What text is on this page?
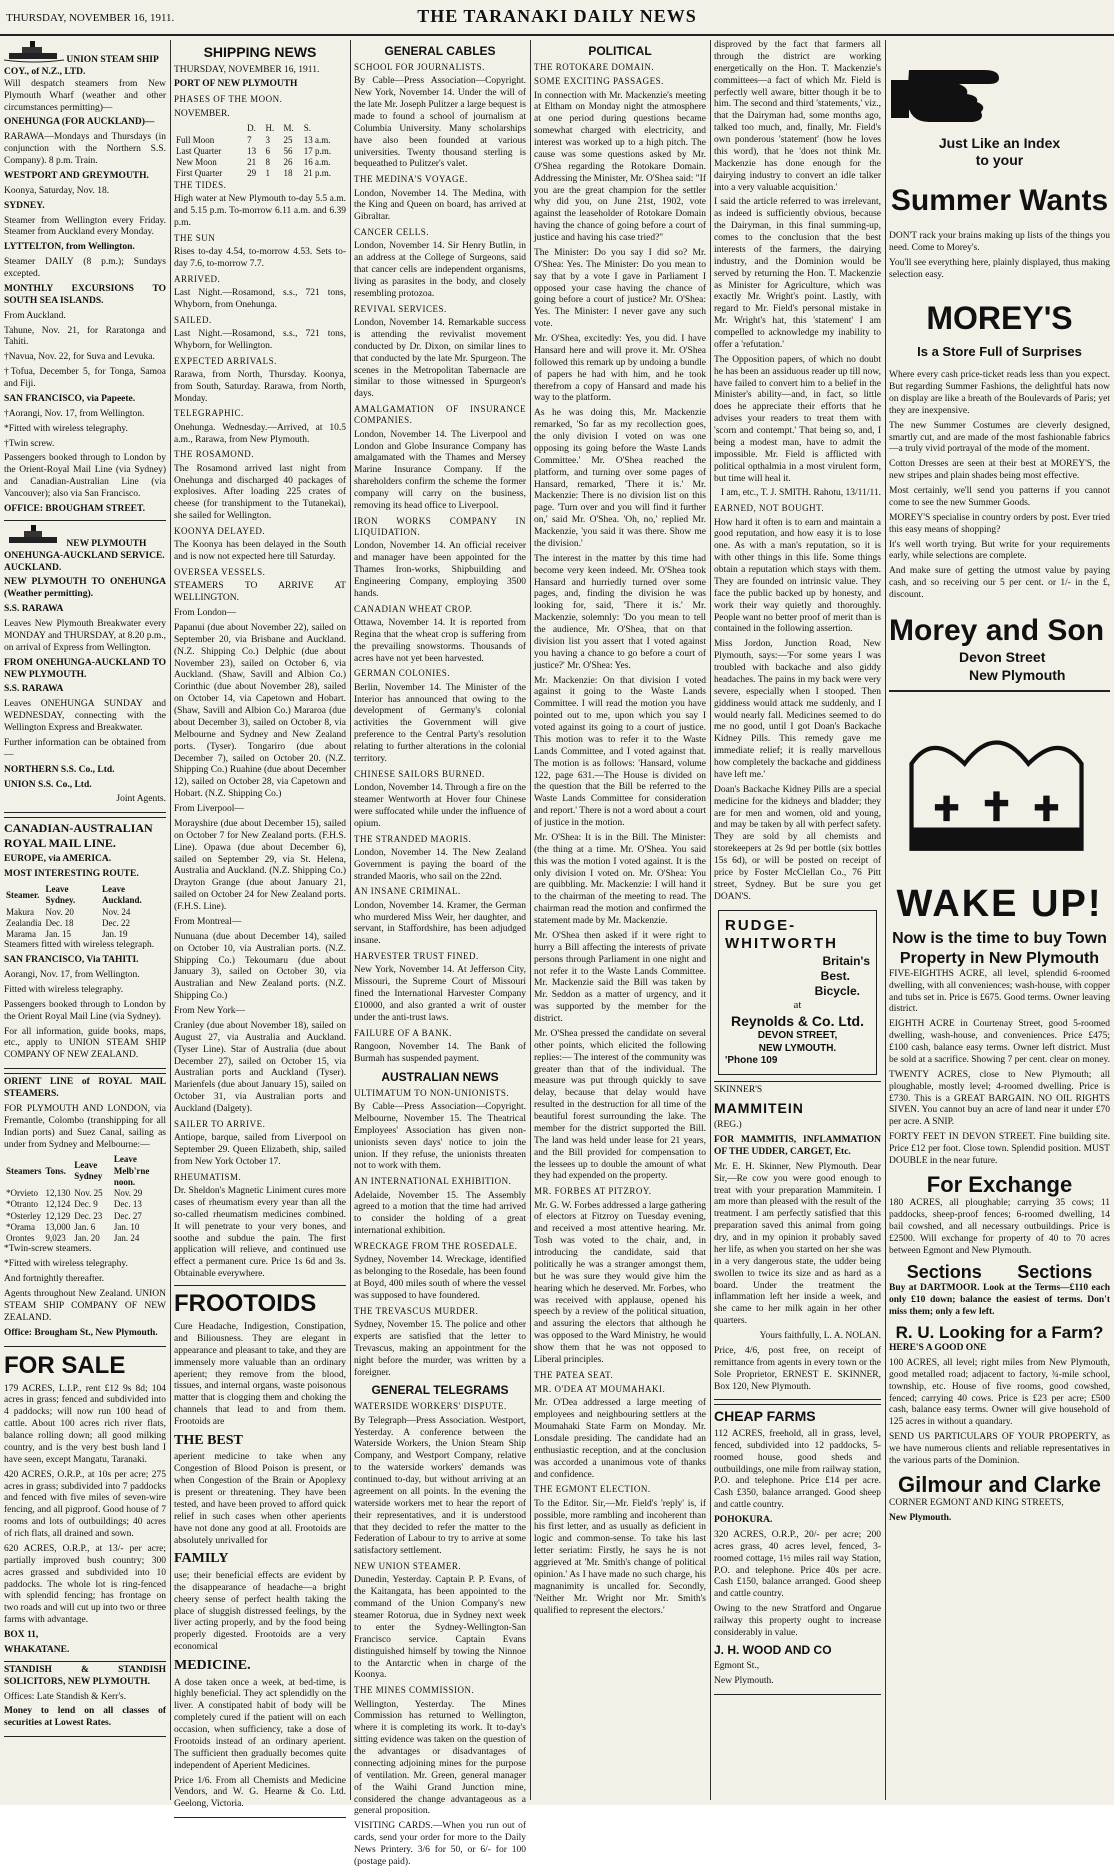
THURSDAY, NOVEMBER 16, 1911.	THE TARANAKI DAILY NEWS
UNION STEAM SHIP COY., of N.Z., LTD.

Will despatch steamers from New Plymouth Wharf (weather and other circumstances permitting)—

ONEHUNGA (FOR AUCKLAND)—

RARAWA—Mondays and Thursdays (in conjunction with the Northern S.S. Company). 8 p.m. Train.

WESTPORT AND GREYMOUTH.

Koonya, Saturday, Nov. 18.

SYDNEY.

Steamer from Wellington every Friday. Steamer from Auckland every Monday.

LYTTELTON, from Wellington.

Steamer DAILY (8 p.m.); Sundays excepted.

MONTHLY EXCURSIONS TO SOUTH SEA ISLANDS.

From Auckland.

Tahune, Nov. 21, for Raratonga and Tahiti.

†Navua, Nov. 22, for Suva and Levuka.

†Tofua, December 5, for Tonga, Samoa and Fiji.

SAN FRANCISCO, via Papeete.

†Aorangi, Nov. 17, from Wellington.

*Fitted with wireless telegraphy.

†Twin screw.

Passengers booked through to London by the Orient-Royal Mail Line (via Sydney) and Canadian-Australian Line (via Vancouver); also via San Francisco.

OFFICE: BROUGHAM STREET.

NEW PLYMOUTH ONEHUNGA-AUCKLAND SERVICE.

AUCKLAND.

NEW PLYMOUTH TO ONEHUNGA (Weather permitting).

S.S. RARAWA

Leaves New Plymouth Breakwater every MONDAY and THURSDAY, at 8.20 p.m., on arrival of Express from Wellington.

FROM ONEHUNGA-AUCKLAND TO NEW PLYMOUTH.

S.S. RARAWA

Leaves ONEHUNGA SUNDAY and WEDNESDAY, connecting with the Wellington Express and Breakwater.

Further information can be obtained from—

NORTHERN S.S. Co., Ltd.

UNION S.S. Co., Ltd.

Joint Agents.

CANADIAN-AUSTRALIAN ROYAL MAIL LINE.

EUROPE, via AMERICA.

MOST INTERESTING ROUTE.

Steamer.	Leave Sydney.	Leave Auckland.
Makura	Nov. 20	Nov. 24
Zealandia	Dec. 18	Dec. 22
Marama	Jan. 15	Jan. 19

Steamers fitted with wireless telegraph.

SAN FRANCISCO, Via TAHITI.

Aorangi, Nov. 17, from Wellington.

Fitted with wireless telegraphy.

Passengers booked through to London by the Orient Royal Mail Line (via Sydney).

For all information, guide books, maps, etc., apply to UNION STEAM SHIP COMPANY OF NEW ZEALAND.

ORIENT LINE of ROYAL MAIL STEAMERS.

FOR PLYMOUTH AND LONDON, via Fremantle, Colombo (transhipping for all Indian ports) and Suez Canal, sailing as under from Sydney and Melbourne:—

Steamers	Tons.	Leave Sydney	Leave Melb'rne noon.
*Orvieto	12,130	Nov. 25	Nov. 29
*Otranto	12,124	Dec. 9	Dec. 13
*Osterley	12,129	Dec. 23	Dec. 27
*Orama	13,000	Jan. 6	Jan. 10
Orontes	9,023	Jan. 20	Jan. 24

*Twin-screw steamers.

*Fitted with wireless telegraphy.

And fortnightly thereafter.

Agents throughout New Zealand. UNION STEAM SHIP COMPANY OF NEW ZEALAND.

Office: Brougham St., New Plymouth.

FOR SALE

179 ACRES, L.I.P., rent £12 9s 8d; 104 acres in grass; fenced and subdivided into 4 paddocks; will now run 100 head of cattle. About 100 acres rich river flats, balance rolling down; all good milking country, and is the very best bush land I have seen, except Mangatu, Taranaki.

420 ACRES, O.R.P., at 10s per acre; 275 acres in grass; subdivided into 7 paddocks and fenced with five miles of seven-wire fencing, and all pigproof. Good house of 7 rooms and lots of outbuildings; 40 acres of rich flats, all drained and sown.

620 ACRES, O.R.P., at 13/- per acre; partially improved bush country; 300 acres grassed and subdivided into 10 paddocks. The whole lot is ring-fenced with splendid fencing; has frontage on two roads and will cut up into two or three farms with advantage.

BOX 11,

WHAKATANE.

STANDISH & STANDISH SOLICITORS, NEW PLYMOUTH.

Offices: Late Standish & Kerr's.

Money to lend on all classes of securities at Lowest Rates.

SHIPPING NEWS

THURSDAY, NOVEMBER 16, 1911.

PORT OF NEW PLYMOUTH

PHASES OF THE MOON.

NOVEMBER.

	D.	H.	M.	S.
Full Moon	7	3	25	13 a.m.
Last Quarter	13	6	56	17 p.m.
New Moon	21	8	26	16 a.m.
First Quarter	29	1	18	21 p.m.

THE TIDES.

High water at New Plymouth to-day 5.5 a.m. and 5.15 p.m. To-morrow 6.11 a.m. and 6.39 p.m.

THE SUN

Rises to-day 4.54, to-morrow 4.53. Sets to-day 7.6, to-morrow 7.7.

ARRIVED.

Last Night.—Rosamond, s.s., 721 tons, Whyborn, from Onehunga.

SAILED.

Last Night.—Rosamond, s.s., 721 tons, Whyborn, for Wellington.

EXPECTED ARRIVALS.

Rarawa, from North, Thursday. Koonya, from South, Saturday. Rarawa, from North, Monday.

TELEGRAPHIC.

Onehunga. Wednesday.—Arrived, at 10.5 a.m., Rarawa, from New Plymouth.

THE ROSAMOND.

The Rosamond arrived last night from Onehunga and discharged 40 packages of explosives. After loading 225 crates of cheese (for transhipment to the Tutanekai), she sailed for Wellington.

KOONYA DELAYED.

The Koonya has been delayed in the South and is now not expected here till Saturday.

OVERSEA VESSELS.

STEAMERS TO ARRIVE AT WELLINGTON.

From London—

Papanui (due about November 22), sailed on September 20, via Brisbane and Auckland. (N.Z. Shipping Co.) Delphic (due about November 23), sailed on October 6, via Auckland. (Shaw, Savill and Albion Co.) Corinthic (due about November 28), sailed on October 14, via Capetown and Hobart. (Shaw, Savill and Albion Co.) Mararoa (due about December 3), sailed on October 8, via Melbourne and Sydney and New Zealand ports. (Tyser). Tongariro (due about December 7), sailed on October 20. (N.Z. Shipping Co.) Ruahine (due about December 12), sailed on October 28, via Capetown and Hobart. (N.Z. Shipping Co.)

From Liverpool—

Morayshire (due about December 15), sailed on October 7 for New Zealand ports. (F.H.S. Line). Opawa (due about December 6), sailed on September 29, via St. Helena, Australia and Auckland. (N.Z. Shipping Co.) Drayton Grange (due about January 21, sailed on October 24 for New Zealand ports. (F.H.S. Line).

From Montreal—

Nunuana (due about December 14), sailed on October 10, via Australian ports. (N.Z. Shipping Co.) Tekoumaru (due about January 3), sailed on October 30, via Australian and New Zealand ports. (N.Z. Shipping Co.)

From New York—

Cranley (due about November 18), sailed on August 27, via Australia and Auckland. (Tyser Line). Star of Australia (due about December 27), sailed on October 15, via Australian ports and Auckland (Tyser). Marienfels (due about January 15), sailed on October 31, via Australian ports and Auckland (Dalgety).

SAILER TO ARRIVE.

Antiope, barque, sailed from Liverpool on September 29. Queen Elizabeth, ship, sailed from New York October 17.

RHEUMATISM.

Dr. Sheldon's Magnetic Liniment cures more cases of rheumatism every year than all the so-called rheumatism medicines combined. It will penetrate to your very bones, and soothe and subdue the pain. The first application will relieve, and continued use effect a permanent cure. Price 1s 6d and 3s. Obtainable everywhere.

FROOTOIDS

Cure Headache, Indigestion, Constipation, and Biliousness. They are elegant in appearance and pleasant to take, and they are immensely more valuable than an ordinary aperient; they remove from the blood, tissues, and internal organs, waste poisonous matter that is clogging them and choking the channels that lead to and from them. Frootoids are

THE BEST

aperient medicine to take when any Congestion of Blood Poison is present, or when Congestion of the Brain or Apoplexy is present or threatening. They have been tested, and have been proved to afford quick relief in such cases when other aperients have not done any good at all. Frootoids are absolutely unrivalled for

FAMILY

use; their beneficial effects are evident by the disappearance of headache—a bright cheery sense of perfect health taking the place of sluggish distressed feelings, by the liver acting properly, and by the food being properly digested. Frootoids are a very economical

MEDICINE.

A dose taken once a week, at bed-time, is highly beneficial. They act splendidly on the liver. A constipated habit of body will be completely cured if the patient will on each occasion, when sufficiency, take a dose of Frootoids instead of an ordinary aperient. The sufficient then gradually becomes quite independent of Aperient Medicines.

Price 1/6. From all Chemists and Medicine Vendors, and W. G. Hearne & Co. Ltd. Geelong, Victoria.

GENERAL CABLES

SCHOOL FOR JOURNALISTS.

By Cable—Press Association—Copyright. New York, November 14. Under the will of the late Mr. Joseph Pulitzer a large bequest is made to found a school of journalism at Columbia University. Many scholarships have also been founded at various universities. Twenty thousand sterling is bequeathed to Pulitzer's valet.

THE MEDINA'S VOYAGE.

London, November 14. The Medina, with the King and Queen on board, has arrived at Gibraltar.

CANCER CELLS.

London, November 14. Sir Henry Butlin, in an address at the College of Surgeons, said that cancer cells are independent organisms, living as parasites in the body, and closely resembling protozoa.

REVIVAL SERVICES.

London, November 14. Remarkable success is attending the revivalist movement conducted by Dr. Dixon, on similar lines to that conducted by the late Mr. Spurgeon. The scenes in the Metropolitan Tabernacle are similar to those witnessed in Spurgeon's days.

AMALGAMATION OF INSURANCE COMPANIES.

London, November 14. The Liverpool and London and Globe Insurance Company has amalgamated with the Thames and Mersey Marine Insurance Company. If the shareholders confirm the scheme the former company will carry on the business, removing its head office to Liverpool.

IRON WORKS COMPANY IN LIQUIDATION.

London, November 14. An official receiver and manager have been appointed for the Thames Iron-works, Shipbuilding and Engineering Company, employing 3500 hands.

CANADIAN WHEAT CROP.

Ottawa, November 14. It is reported from Regina that the wheat crop is suffering from the prevailing snowstorms. Thousands of acres have not yet been harvested.

GERMAN COLONIES.

Berlin, November 14. The Minister of the Interior has announced that owing to the development of Germany's colonial activities the Government will give preference to the Central Party's resolution relating to further alterations in the colonial territory.

CHINESE SAILORS BURNED.

London, November 14. Through a fire on the steamer Wentworth at Hover four Chinese were suffocated while under the influence of opium.

THE STRANDED MAORIS.

London, November 14. The New Zealand Government is paying the board of the stranded Maoris, who sail on the 22nd.

AN INSANE CRIMINAL.

London, November 14. Kramer, the German who murdered Miss Weir, her daughter, and servant, in Staffordshire, has been adjudged insane.

HARVESTER TRUST FINED.

New York, November 14. At Jefferson City, Missouri, the Supreme Court of Missouri fined the International Harvester Company £10000, and also granted a writ of ouster under the anti-trust laws.

FAILURE OF A BANK.

Rangoon, November 14. The Bank of Burmah has suspended payment.

AUSTRALIAN NEWS

ULTIMATUM TO NON-UNIONISTS.

By Cable—Press Association—Copyright. Melbourne, November 15. The Theatrical Employees' Association has given non-unionists seven days' notice to join the union. If they refuse, the unionists threaten not to work with them.

AN INTERNATIONAL EXHIBITION.

Adelaide, November 15. The Assembly agreed to a motion that the time had arrived to consider the holding of a great international exhibition.

WRECKAGE FROM THE ROSEDALE.

Sydney, November 14. Wreckage, identified as belonging to the Rosedale, has been found at Boyd, 400 miles south of where the vessel was supposed to have foundered.

THE TREVASCUS MURDER.

Sydney, November 15. The police and other experts are satisfied that the letter to Trevascus, making an appointment for the night before the murder, was written by a foreigner.

GENERAL TELEGRAMS

WATERSIDE WORKERS' DISPUTE.

By Telegraph—Press Association. Westport, Yesterday. A conference between the Waterside Workers, the Union Steam Ship Company, and Westport Company, relative to the waterside workers' demands was continued to-day, but without arriving at an agreement on all points. In the evening the waterside workers met to hear the report of their representatives, and it is understood that they decided to refer the matter to the Federation of Labour to try to arrive at some satisfactory settlement.

NEW UNION STEAMER.

Dunedin, Yesterday. Captain P. P. Evans, of the Kaitangata, has been appointed to the command of the Union Company's new steamer Rotorua, due in Sydney next week to enter the Sydney-Wellington-San Francisco service. Captain Evans distinguished himself by towing the Ninnoe to the Antarctic when in charge of the Koonya.

THE MINES COMMISSION.

Wellington, Yesterday. The Mines Commission has returned to Wellington, where it is completing its work. It to-day's sitting evidence was taken on the question of the advantages or disadvantages of connecting adjoining mines for the purpose of ventilation. Mr. Green, general manager of the Waihi Grand Junction mine, considered the change advantageous as a general proposition.

VISITING CARDS.—When you run out of cards, send your order for more to the Daily News Printery. 3/6 for 50, or 6/- for 100 (postage paid).

POLITICAL

THE ROTOKARE DOMAIN.

SOME EXCITING PASSAGES.

In connection with Mr. Mackenzie's meeting at Eltham on Monday night the atmosphere at one period during questions became somewhat charged with electricity, and interest was worked up to a high pitch. The cause was some questions asked by Mr. O'Shea regarding the Rotokare Domain. Addressing the Minister, Mr. O'Shea said: "If you are the great champion for the settler why did you, on June 21st, 1902, vote against the leaseholder of Rotokare Domain having the chance of going before a court of justice and having his case tried?"

The Minister: Do you say I did so? Mr. O'Shea: Yes. The Minister: Do you mean to say that by a vote I gave in Parliament I opposed your case having the chance of going before a court of justice? Mr. O'Shea: Yes. The Minister: I never gave any such vote.

Mr. O'Shea, excitedly: Yes, you did. I have Hansard here and will prove it. Mr. O'Shea followed this remark up by undoing a bundle of papers he had with him, and he took therefrom a copy of Hansard and made his way to the platform.

As he was doing this, Mr. Mackenzie remarked, 'So far as my recollection goes, the only division I voted on was one opposing its going before the Waste Lands Committee.' Mr. O'Shea reached the platform, and turning over some pages of Hansard, remarked, 'There it is.' Mr. Mackenzie: There is no division list on this page. 'Turn over and you will find it further on,' said Mr. O'Shea. 'Oh, no,' replied Mr. Mackenzie, 'you said it was there. Show me the division.'

The interest in the matter by this time had become very keen indeed. Mr. O'Shea took Hansard and hurriedly turned over some pages, and, finding the division he was looking for, said, 'There it is.' Mr. Mackenzie, solemnly: 'Do you mean to tell the audience, Mr. O'Shea, that on that division list you assert that I voted against you having a chance to go before a court of justice?' Mr. O'Shea: Yes.

Mr. Mackenzie: On that division I voted against it going to the Waste Lands Committee. I will read the motion you have pointed out to me, upon which you say I voted against its going to a court of justice. This motion was to refer it to the Waste Lands Committee, and I voted against that. The motion is as follows: 'Hansard, volume 122, page 631.—The House is divided on the question that the Bill be referred to the Waste Lands Committee for consideration and report.' There is not a word about a court of justice in the motion.

Mr. O'Shea: It is in the Bill. The Minister: (the thing at a time. Mr. O'Shea. You said this was the motion I voted against. It is the only division I voted on. Mr. O'Shea: You are quibbling. Mr. Mackenzie: I will hand it to the chairman of the meeting to read. The chairman read the motion and confirmed the statement made by Mr. Mackenzie.

Mr. O'Shea then asked if it were right to hurry a Bill affecting the interests of private persons through Parliament in one night and not refer it to the Waste Lands Committee. Mr. Mackenzie said the Bill was taken by Mr. Seddon as a matter of urgency, and it was supported by the member for the district.

Mr. O'Shea pressed the candidate on several other points, which elicited the following replies:— The interest of the community was greater than that of the individual. The measure was put through quickly to save delay, because that delay would have resulted in the destruction for all time of the beautiful forest surrounding the lake. The member for the district supported the Bill. The land was held under lease for 21 years, and the Bill provided for compensation to the lessees up to double the amount of what they had expended on the property.

MR. FORBES AT PITZROY.

Mr. G. W. Forbes addressed a large gathering of electors at Fitzroy on Tuesday evening, and received a most attentive hearing. Mr. Tosh was voted to the chair, and, in introducing the candidate, said that politically he was a stranger amongst them, but he was sure they would give him the hearing which he deserved. Mr. Forbes, who was received with applause, opened his speech by a review of the political situation, and assuring the electors that although he was opposed to the Ward Ministry, he would show them that he was not opposed to Liberal principles.

THE PATEA SEAT.

MR. O'DEA AT MOUMAHAKI.

Mr. O'Dea addressed a large meeting of employees and neighbouring settlers at the Moumahaki State Farm on Monday. Mr. Lonsdale presiding. The candidate had an enthusiastic reception, and at the conclusion was accorded a unanimous vote of thanks and confidence.

THE EGMONT ELECTION.

To the Editor. Sir,—Mr. Field's 'reply' is, if possible, more rambling and incoherent than his first letter, and as usually as deficient in logic and common-sense. To take his last letter seriatim: Firstly, he says he is not aggrieved at 'Mr. Smith's change of political opinion.' As I have made no such charge, his magnanimity is uncalled for. Secondly, 'Neither Mr. Wright nor Mr. Smith's qualified to represent the electors.'

disproved by the fact that farmers all through the district are working energetically on the Hon. T. Mackenzie's committees—a fact of which Mr. Field is perfectly well aware, bitter though it be to him. The second and third 'statements,' viz., that the Dairyman had, some months ago, talked too much, and, finally, Mr. Field's own ponderous 'statement' (how he loves this word), that he 'does not think Mr. Mackenzie has done enough for the dairying industry to convert an idle talker into a very valuable acquisition.'

I said the article referred to was irrelevant, as indeed is sufficiently obvious, because the Dairyman, in this final summing-up, comes to the conclusion that the best interests of the farmers, the dairying industry, and the Dominion would be served by returning the Hon. T. Mackenzie as Minister for Agriculture, which was exactly Mr. Wright's point. Lastly, with regard to Mr. Field's personal mistake in Mr. Wright's hat, this 'statement' I am compelled to acknowledge my inability to offer a 'refutation.'

The Opposition papers, of which no doubt he has been an assiduous reader up till now, have failed to convert him to a belief in the Minister's ability—and, in fact, so little does he appreciate their efforts that he advises your readers to treat them with 'scorn and contempt.' That being so, and, I being a modest man, have to admit the impossible. Mr. Field is afflicted with political opthalmia in a most virulent form, but time will heal it.

I am, etc., T. J. SMITH. Rahotu, 13/11/11.

EARNED, NOT BOUGHT.

How hard it often is to earn and maintain a good reputation, and how easy it is to lose one. As with a man's reputation, so it is with other things in this life. Some things obtain a reputation which stays with them. They are founded on intrinsic value. They face the public backed up by honesty, and work their way quietly and thoroughly. People want no better proof of merit than is contained in the following assertion.

Miss Jordon, Junction Road, New Plymouth, says:—'For some years I was troubled with backache and also giddy headaches. The pains in my back were very severe, especially when I stooped. Then giddiness would attack me suddenly, and I would nearly fall. Medicines seemed to do me no good, until I got Doan's Backache Kidney Pills. This remedy gave me immediate relief; it is really marvellous how completely the backache and giddiness have left me.'

Doan's Backache Kidney Pills are a special medicine for the kidneys and bladder; they are for men and women, old and young, and may be taken by all with perfect safety. They are sold by all chemists and storekeepers at 2s 9d per bottle (six bottles 15s 6d), or will be posted on receipt of price by Foster McClellan Co., 76 Pitt street, Sydney. But be sure you get DOAN'S.

RUDGE-
WHITWORTH
Britain's
Best.
Bicycle.
at
Reynolds & Co. Ltd.
DEVON STREET,
NEW LYMOUTH.
'Phone 109

SKINNER'S

MAMMITEIN

(REG.)

FOR MAMMITIS, INFLAMMATION OF THE UDDER, CARGET, Etc.

Mr. E. H. Skinner, New Plymouth. Dear Sir,—Re cow you were good enough to treat with your preparation Mammitein. I am more than pleased with the result of the treatment. I am perfectly satisfied that this preparation saved this animal from going dry, and in my opinion it probably saved her life, as when you started on her she was in a very dangerous state, the udder being swollen to twice its size and as hard as a board. Under the treatment the inflammation left her inside a week, and she came to her milk again in her other quarters.

Yours faithfully, L. A. NOLAN.

Price, 4/6, post free, on receipt of remittance from agents in every town or the Sole Proprietor, ERNEST E. SKINNER, Box 120, New Plymouth.

CHEAP FARMS

112 ACRES, freehold, all in grass, level, fenced, subdivided into 12 paddocks, 5-roomed house, good sheds and outbuildings, one mile from railway station, P.O. and telephone. Price £14 per acre. Cash £350, balance arranged. Good sheep and cattle country.

POHOKURA.

320 ACRES, O.R.P., 20/- per acre; 200 acres grass, 40 acres level, fenced, 3-roomed cottage, 1½ miles rail way Station, P.O. and telephone. Price 40s per acre. Cash £150, balance arranged. Good sheep and cattle country.

Owing to the new Stratford and Ongarue railway this property ought to increase considerably in value.

J. H. WOOD AND CO

Egmont St.,

New Plymouth.

Just Like an Index
to your
Summer Wants

DON'T rack your brains making up lists of the things you need. Come to Morey's.

You'll see everything here, plainly displayed, thus making selection easy.

MOREY'S
Is a Store Full of Surprises

Where every cash price-ticket reads less than you expect. But regarding Summer Fashions, the delightful hats now on display are like a breath of the Boulevards of Paris; yet they are inexpensive.

The new Summer Costumes are cleverly designed, smartly cut, and are made of the most fashionable fabrics—a truly vivid portrayal of the mode of the moment.

Cotton Dresses are seen at their best at MOREY'S, the new stripes and plain shades being most effective.

Most certainly, we'll send you patterns if you cannot come to see the new Summer Goods.

MOREY'S specialise in country orders by post. Ever tried this easy means of shopping?

It's well worth trying. But write for your requirements early, while selections are complete.

And make sure of getting the utmost value by paying cash, and so receiving our 5 per cent. or 1/- in the £, discount.

Morey and Son
Devon Street
New Plymouth
WAKE UP!
Now is the time to buy Town Property in New Plymouth

FIVE-EIGHTHS ACRE, all level, splendid 6-roomed dwelling, with all conveniences; wash-house, with copper and tubs set in. Price is £675. Good terms. Owner leaving district.

EIGHTH ACRE in Courtenay Street, good 5-roomed dwelling, wash-house, and conveniences. Price £475; £100 cash, balance easy terms. Owner left district. Must be sold at a sacrifice. Showing 7 per cent. clear on money.

TWENTY ACRES, close to New Plymouth; all ploughable, mostly level; 4-roomed dwelling. Price is £730. This is a GREAT BARGAIN. NO OIL RIGHTS SIVEN. You cannot buy an acre of land near it under £70 per acre. A SNIP.

FORTY FEET IN DEVON STREET. Fine building site. Price £12 per foot. Close town. Splendid position. MUST DOUBLE in the near future.

For Exchange

180 ACRES, all ploughable; carrying 35 cows; 11 paddocks, sheep-proof fences; 6-roomed dwelling, 14 bail cowshed, and all necessary outbuildings. Price is £2500. Will exchange for property of 40 to 70 acres between Egmont and New Plymouth.

Sections Sections

Buy at DARTMOOR. Look at the Terms—£110 each only £10 down; balance the easiest of terms. Don't miss them; only a few left.

R. U. Looking for a Farm?

HERE'S A GOOD ONE

100 ACRES, all level; right miles from New Plymouth, good metalled road; adjacent to factory, ¾-mile school, township, etc. House of five rooms, good cowshed, fenced; carrying 40 cows. Price is £23 per acre; £500 cash, balance easy terms. Owner will give household of 125 acres in without a quandary.

SEND US PARTICULARS OF YOUR PROPERTY, as we have numerous clients and reliable representatives in the various parts of the Dominion.

Gilmour and Clarke

CORNER EGMONT AND KING STREETS,

New Plymouth.
